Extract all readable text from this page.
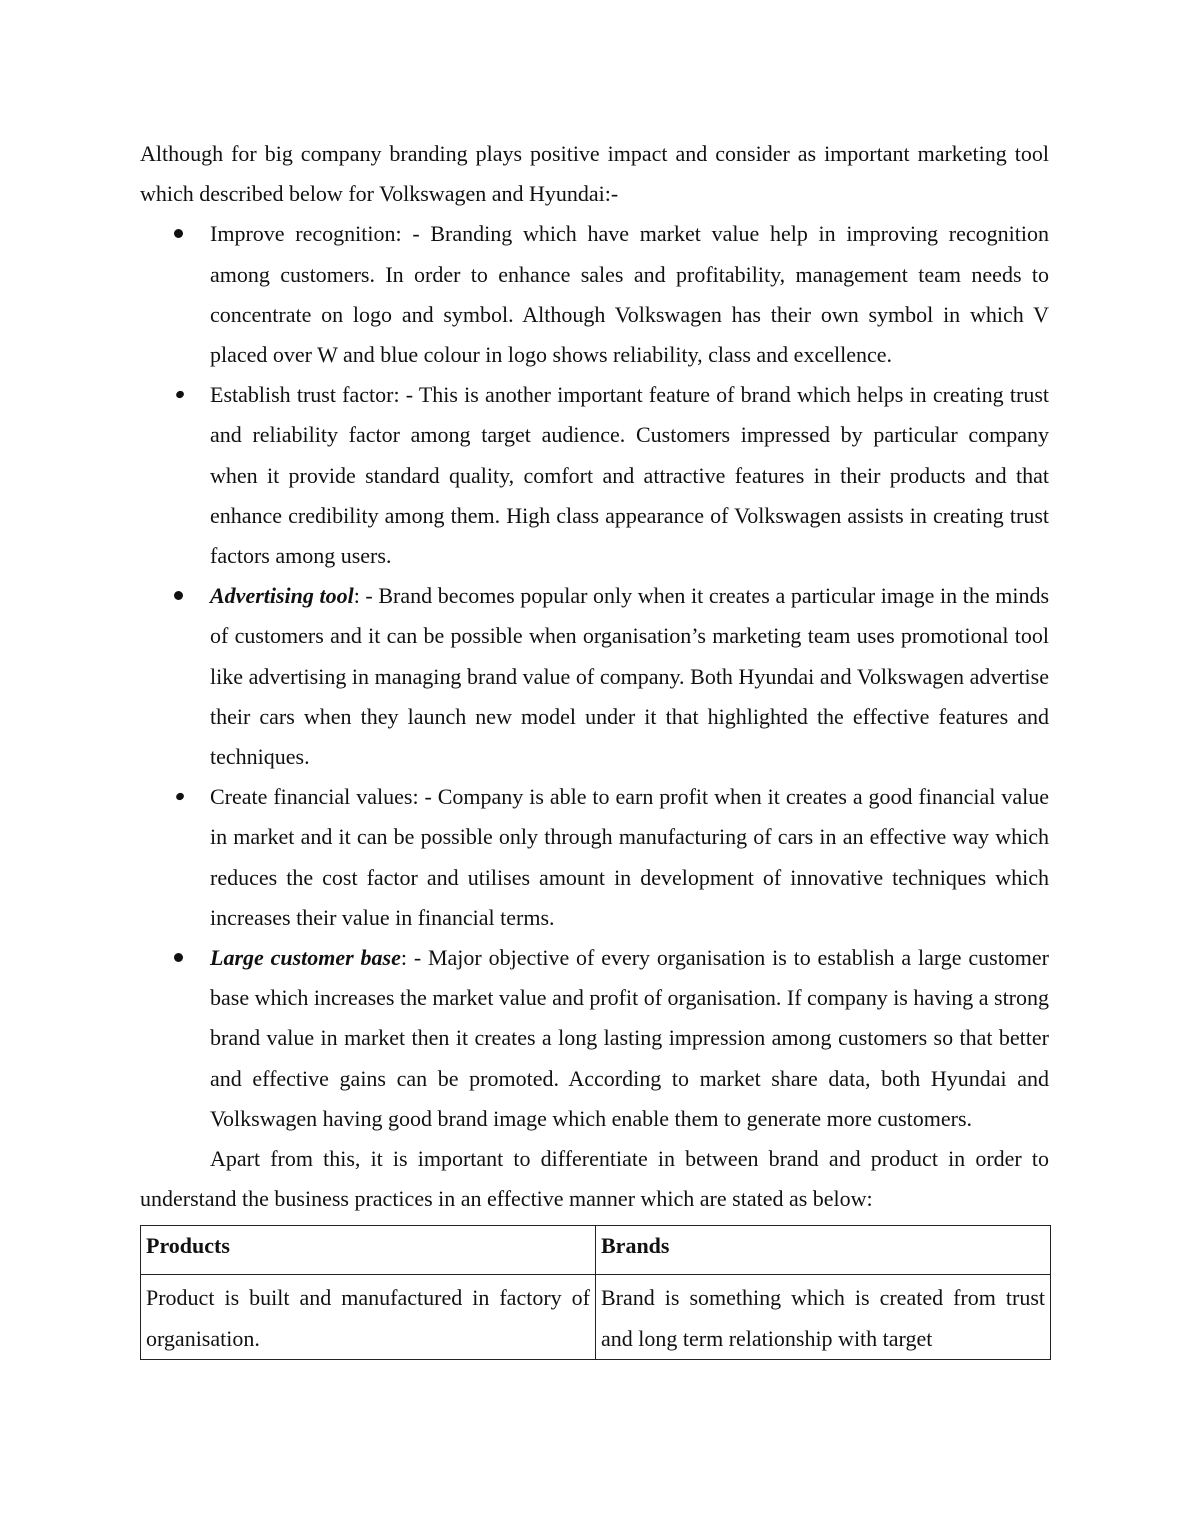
Although for big company branding plays positive impact and consider as important marketing tool which described below for Volkswagen and Hyundai:-

Improve recognition: - Branding which have market value help in improving recognition among customers. In order to enhance sales and profitability, management team needs to concentrate on logo and symbol. Although Volkswagen has their own symbol in which V placed over W and blue colour in logo shows reliability, class and excellence.
Establish trust factor: - This is another important feature of brand which helps in creating trust and reliability factor among target audience. Customers impressed by particular company when it provide standard quality, comfort and attractive features in their products and that enhance credibility among them. High class appearance of Volkswagen assists in creating trust factors among users.
Advertising tool: - Brand becomes popular only when it creates a particular image in the minds of customers and it can be possible when organisation’s marketing team uses promotional tool like advertising in managing brand value of company. Both Hyundai and Volkswagen advertise their cars when they launch new model under it that highlighted the effective features and techniques.
Create financial values: - Company is able to earn profit when it creates a good financial value in market and it can be possible only through manufacturing of cars in an effective way which reduces the cost factor and utilises amount in development of innovative techniques which increases their value in financial terms.
Large customer base: - Major objective of every organisation is to establish a large customer base which increases the market value and profit of organisation. If company is having a strong brand value in market then it creates a long lasting impression among customers so that better and effective gains can be promoted. According to market share data, both Hyundai and Volkswagen having good brand image which enable them to generate more customers.

Apart from this, it is important to differentiate in between brand and product in order to understand the business practices in an effective manner which are stated as below:

Products	Brands
Product is built and manufactured in factory of organisation.	Brand is something which is created from trust and long term relationship with target
